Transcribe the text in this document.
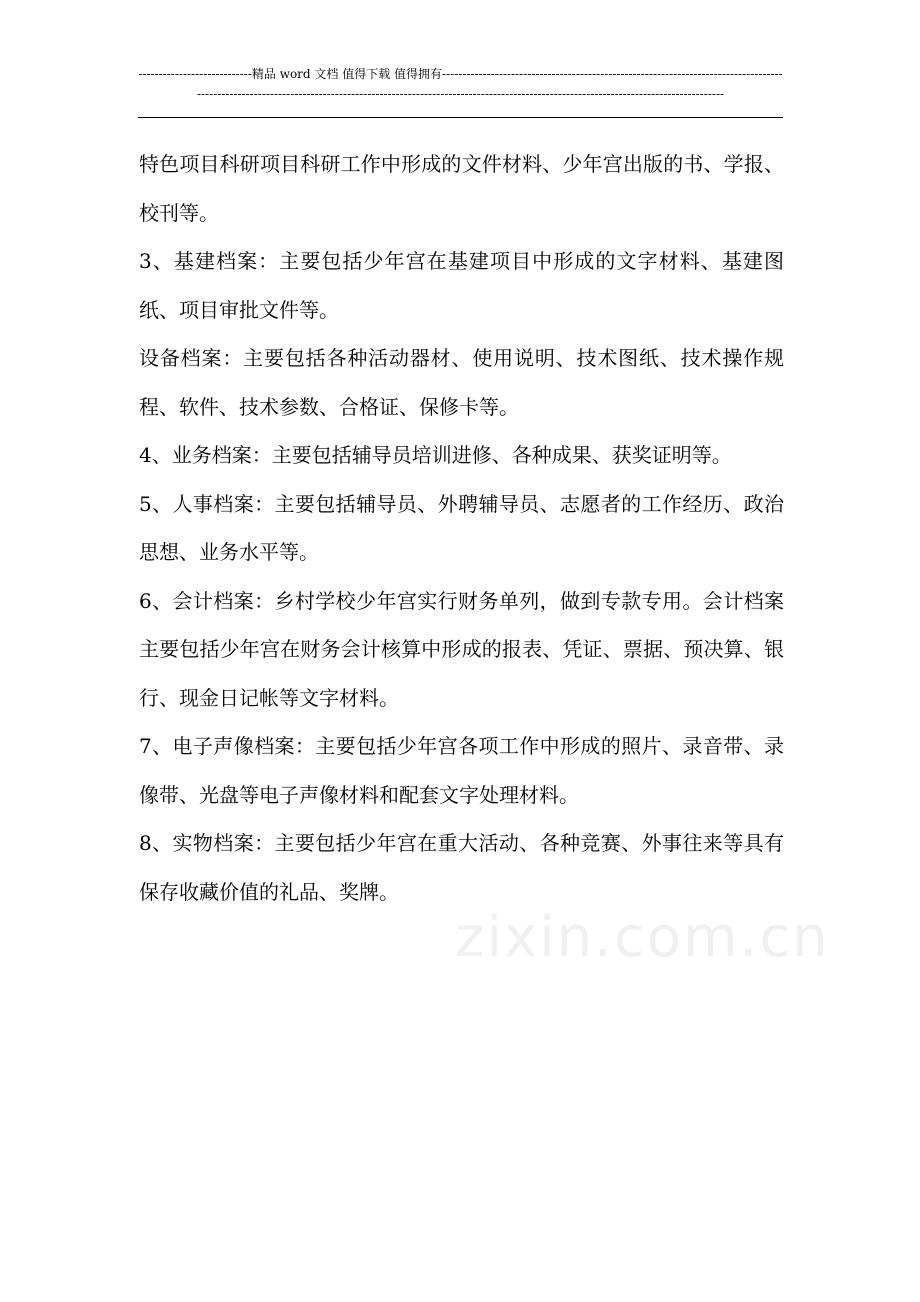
----------------------------精品 word 文档 值得下载 值得拥有----------------------------------------------------------------------------------------------------------------------------------------------------------------------------------------------------------------------

特色项目科研项目科研工作中形成的文件材料、少年宫出版的书、学报、校刊等。

3、基建档案：主要包括少年宫在基建项目中形成的文字材料、基建图纸、项目审批文件等。

设备档案：主要包括各种活动器材、使用说明、技术图纸、技术操作规程、软件、技术参数、合格证、保修卡等。

4、业务档案：主要包括辅导员培训进修、各种成果、获奖证明等。

5、人事档案：主要包括辅导员、外聘辅导员、志愿者的工作经历、政治思想、业务水平等。

6、会计档案：乡村学校少年宫实行财务单列，做到专款专用。会计档案主要包括少年宫在财务会计核算中形成的报表、凭证、票据、预决算、银行、现金日记帐等文字材料。

7、电子声像档案：主要包括少年宫各项工作中形成的照片、录音带、录像带、光盘等电子声像材料和配套文字处理材料。

8、实物档案：主要包括少年宫在重大活动、各种竞赛、外事往来等具有保存收藏价值的礼品、奖牌。

zixin.com.cn
